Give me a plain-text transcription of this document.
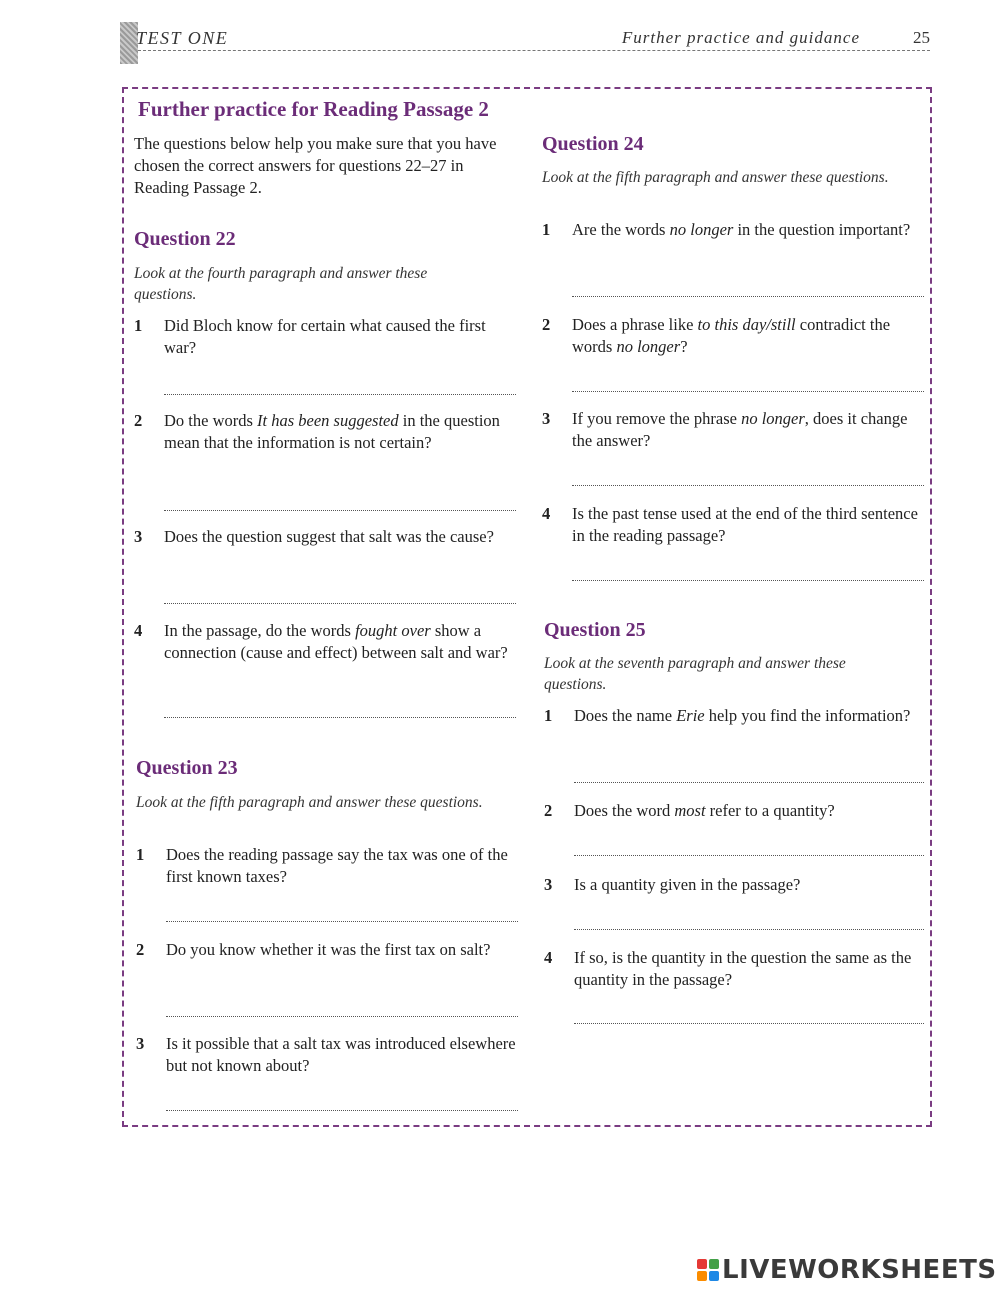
TEST ONE	Further practice and guidance	25
Further practice for Reading Passage 2
The questions below help you make sure that you have chosen the correct answers for questions 22–27 in Reading Passage 2.
Question 22
Look at the fourth paragraph and answer these questions.
1 Did Bloch know for certain what caused the first war?
2 Do the words It has been suggested in the question mean that the information is not certain?
3 Does the question suggest that salt was the cause?
4 In the passage, do the words fought over show a connection (cause and effect) between salt and war?
Question 23
Look at the fifth paragraph and answer these questions.
1 Does the reading passage say the tax was one of the first known taxes?
2 Do you know whether it was the first tax on salt?
3 Is it possible that a salt tax was introduced elsewhere but not known about?
Question 24
Look at the fifth paragraph and answer these questions.
1 Are the words no longer in the question important?
2 Does a phrase like to this day/still contradict the words no longer?
3 If you remove the phrase no longer, does it change the answer?
4 Is the past tense used at the end of the third sentence in the reading passage?
Question 25
Look at the seventh paragraph and answer these questions.
1 Does the name Erie help you find the information?
2 Does the word most refer to a quantity?
3 Is a quantity given in the passage?
4 If so, is the quantity in the question the same as the quantity in the passage?
LIVEWORKSHEETS
